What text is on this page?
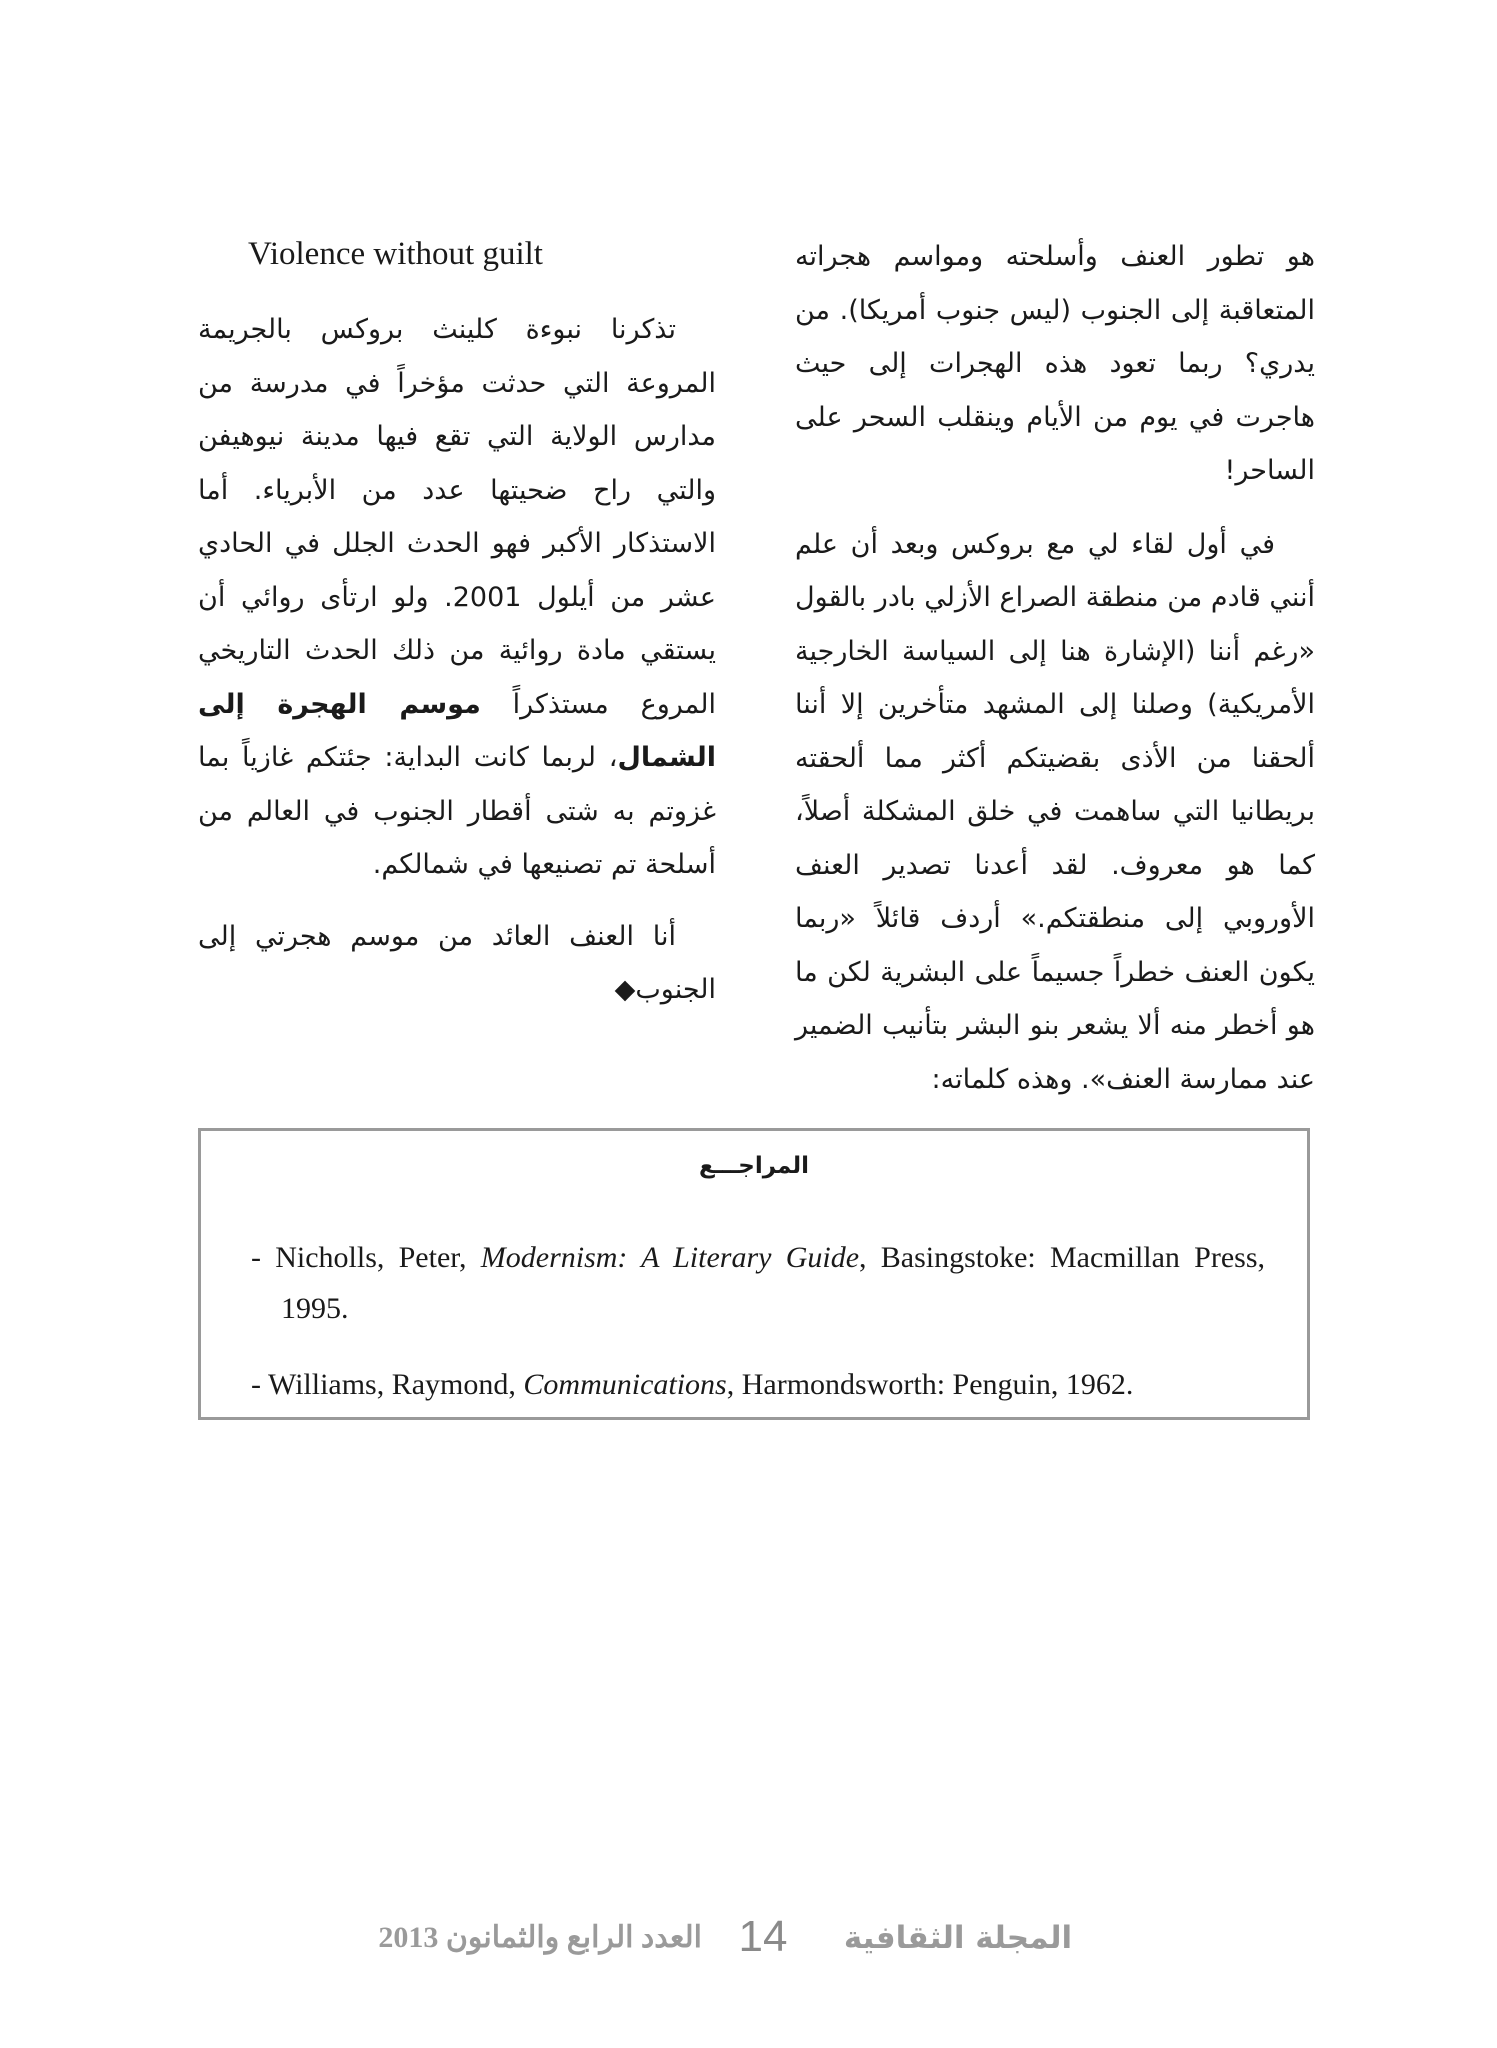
هو تطور العنف وأسلحته ومواسم هجراته المتعاقبة إلى الجنوب (ليس جنوب أمريكا). من يدري؟ ربما تعود هذه الهجرات إلى حيث هاجرت في يوم من الأيام وينقلب السحر على الساحر!

في أول لقاء لي مع بروكس وبعد أن علم أنني قادم من منطقة الصراع الأزلي بادر بالقول «رغم أننا (الإشارة هنا إلى السياسة الخارجية الأمريكية) وصلنا إلى المشهد متأخرين إلا أننا ألحقنا من الأذى بقضيتكم أكثر مما ألحقته بريطانيا التي ساهمت في خلق المشكلة أصلاً، كما هو معروف. لقد أعدنا تصدير العنف الأوروبي إلى منطقتكم.» أردف قائلاً «ربما يكون العنف خطراً جسيماً على البشرية لكن ما هو أخطر منه ألا يشعر بنو البشر بتأنيب الضمير عند ممارسة العنف». وهذه كلماته:

Violence without guilt

تذكرنا نبوءة كلينث بروكس بالجريمة المروعة التي حدثت مؤخراً في مدرسة من مدارس الولاية التي تقع فيها مدينة نيوهيفن والتي راح ضحيتها عدد من الأبرياء. أما الاستذكار الأكبر فهو الحدث الجلل في الحادي عشر من أيلول 2001. ولو ارتأى روائي أن يستقي مادة روائية من ذلك الحدث التاريخي المروع مستذكراً موسم الهجرة إلى الشمال، لربما كانت البداية: جئتكم غازياً بما غزوتم به شتى أقطار الجنوب في العالم من أسلحة تم تصنيعها في شمالكم.

أنا العنف العائد من موسم هجرتي إلى الجنوب◆

المراجـــع
- Nicholls, Peter, Modernism: A Literary Guide, Basingstoke: Macmillan Press, 1995.
- Williams, Raymond, Communications, Harmondsworth: Penguin, 1962.
المجلة الثقافية
14
العدد الرابع والثمانون 2013
